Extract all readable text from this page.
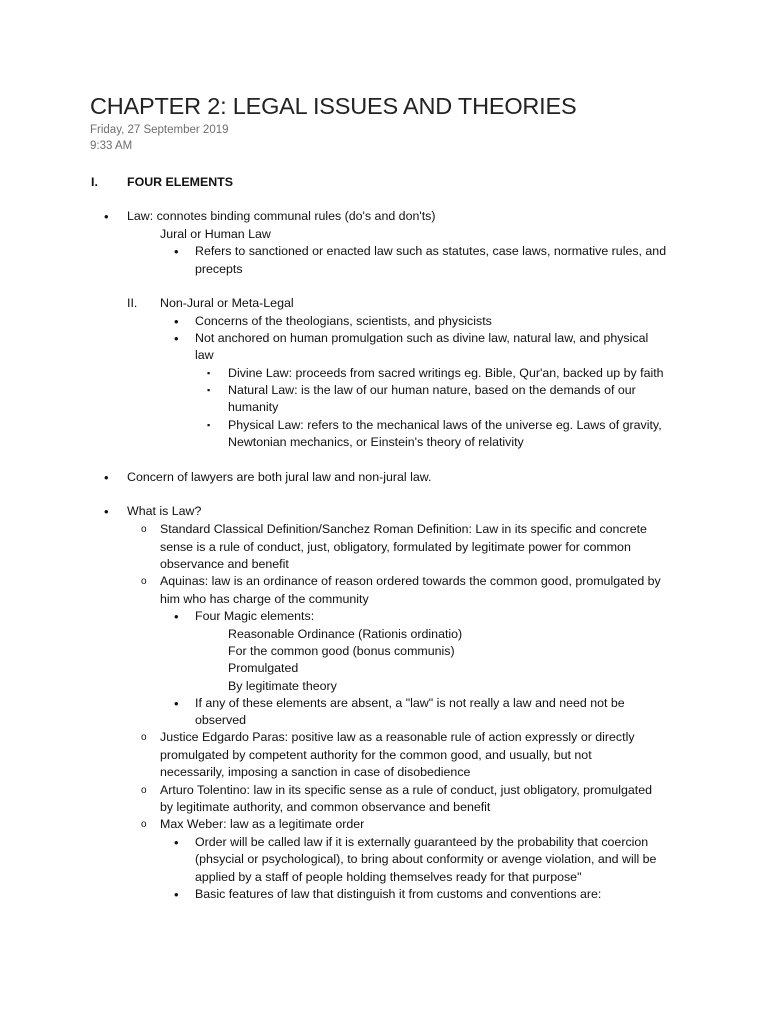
CHAPTER 2: LEGAL ISSUES AND THEORIES
Friday, 27 September 2019
9:33 AM
I. FOUR ELEMENTS
• Law: connotes binding communal rules (do's and don'ts)
Jural or Human Law
• Refers to sanctioned or enacted law such as statutes, case laws, normative rules, and
precepts
II. Non-Jural or Meta-Legal
• Concerns of the theologians, scientists, and physicists
• Not anchored on human promulgation such as divine law, natural law, and physical
law
▪ Divine Law: proceeds from sacred writings eg. Bible, Qur'an, backed up by faith
▪ Natural Law: is the law of our human nature, based on the demands of our
humanity
▪ Physical Law: refers to the mechanical laws of the universe eg. Laws of gravity,
Newtonian mechanics, or Einstein's theory of relativity
• Concern of lawyers are both jural law and non-jural law.
• What is Law?
o Standard Classical Definition/Sanchez Roman Definition: Law in its specific and concrete
sense is a rule of conduct, just, obligatory, formulated by legitimate power for common
observance and benefit
o Aquinas: law is an ordinance of reason ordered towards the common good, promulgated by
him who has charge of the community
• Four Magic elements:
Reasonable Ordinance (Rationis ordinatio)
For the common good (bonus communis)
Promulgated
By legitimate theory
• If any of these elements are absent, a "law" is not really a law and need not be
observed
o Justice Edgardo Paras: positive law as a reasonable rule of action expressly or directly
promulgated by competent authority for the common good, and usually, but not
necessarily, imposing a sanction in case of disobedience
o Arturo Tolentino: law in its specific sense as a rule of conduct, just obligatory, promulgated
by legitimate authority, and common observance and benefit
o Max Weber: law as a legitimate order
• Order will be called law if it is externally guaranteed by the probability that coercion
(phsycial or psychological), to bring about conformity or avenge violation, and will be
applied by a staff of people holding themselves ready for that purpose"
• Basic features of law that distinguish it from customs and conventions are:
